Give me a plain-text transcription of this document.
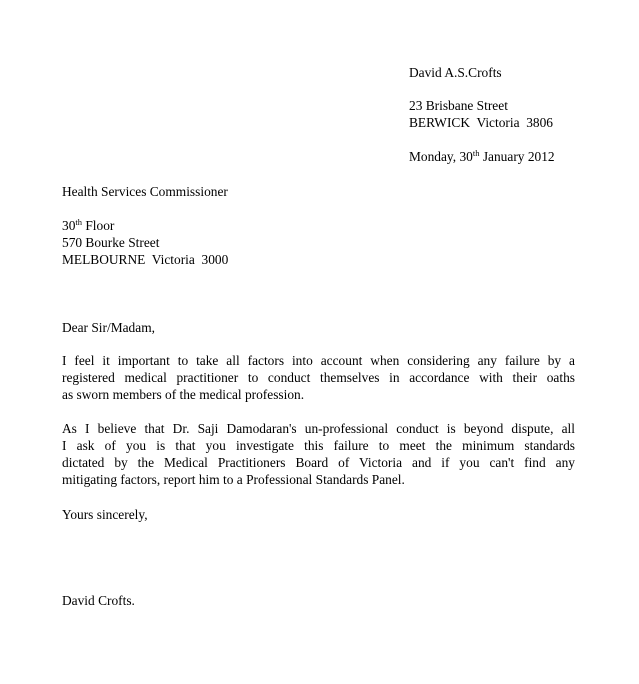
David A.S.Crofts
23 Brisbane Street
BERWICK  Victoria  3806
Monday, 30th January 2012
Health Services Commissioner
30th Floor
570 Bourke Street
MELBOURNE  Victoria  3000
Dear Sir/Madam,
I feel it important to take all factors into account when considering any failure by a
registered medical practitioner to conduct themselves in accordance with their oaths
as sworn members of the medical profession.
As I believe that Dr. Saji Damodaran's un-professional conduct is beyond dispute, all
I ask of you is that you investigate this failure to meet the minimum standards
dictated by the Medical Practitioners Board of Victoria and if you can't find any
mitigating factors, report him to a Professional Standards Panel.
Yours sincerely,
David Crofts.
